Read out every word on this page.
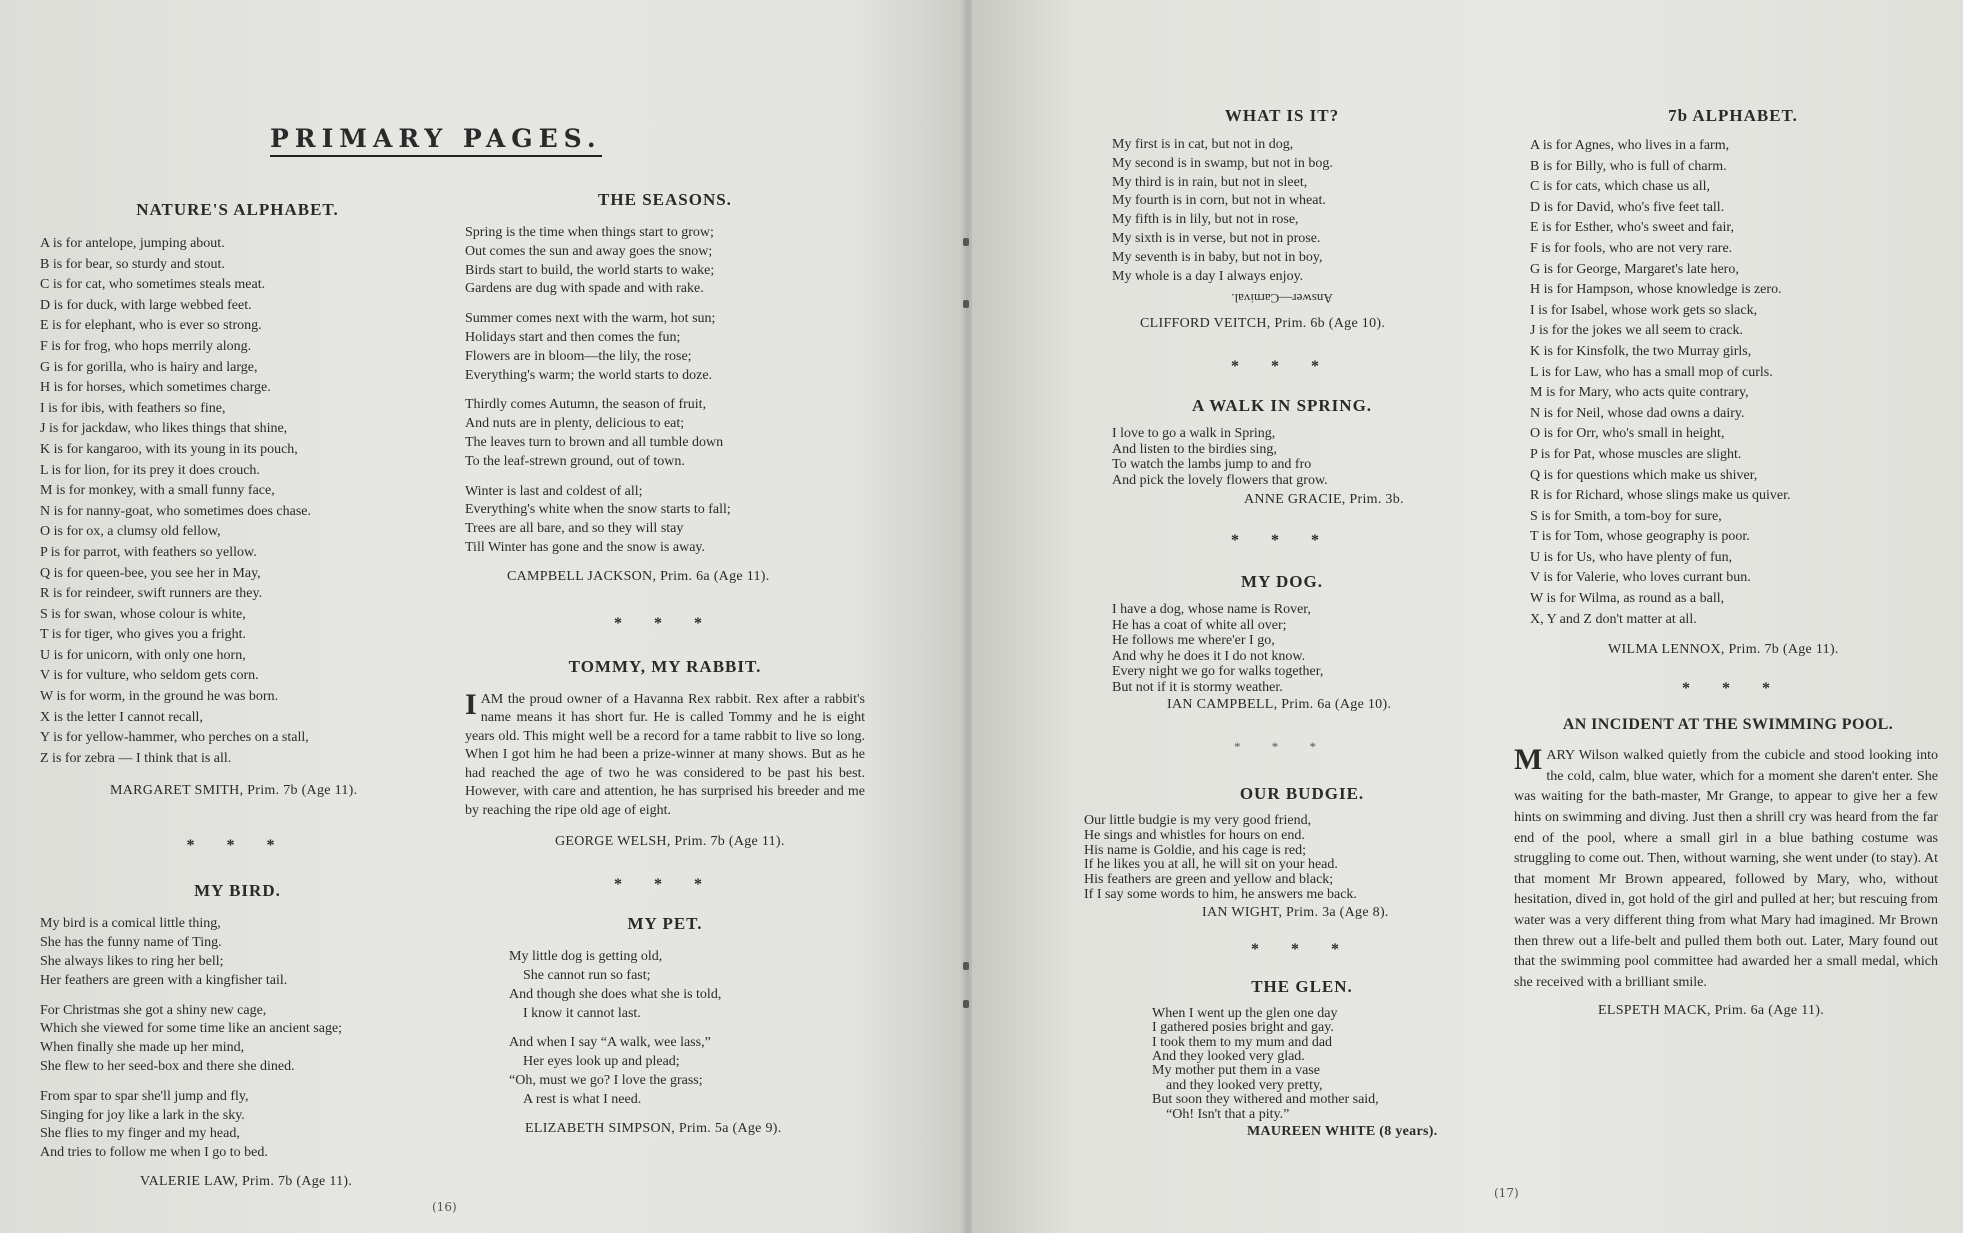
PRIMARY PAGES.
NATURE'S ALPHABET.
A is for antelope, jumping about.
B is for bear, so sturdy and stout.
C is for cat, who sometimes steals meat.
D is for duck, with large webbed feet.
E is for elephant, who is ever so strong.
F is for frog, who hops merrily along.
G is for gorilla, who is hairy and large,
H is for horses, which sometimes charge.
I is for ibis, with feathers so fine,
J is for jackdaw, who likes things that shine,
K is for kangaroo, with its young in its pouch,
L is for lion, for its prey it does crouch.
M is for monkey, with a small funny face,
N is for nanny-goat, who sometimes does chase.
O is for ox, a clumsy old fellow,
P is for parrot, with feathers so yellow.
Q is for queen-bee, you see her in May,
R is for reindeer, swift runners are they.
S is for swan, whose colour is white,
T is for tiger, who gives you a fright.
U is for unicorn, with only one horn,
V is for vulture, who seldom gets corn.
W is for worm, in the ground he was born.
X is the letter I cannot recall,
Y is for yellow-hammer, who perches on a stall,
Z is for zebra — I think that is all.
MARGARET SMITH, Prim. 7b (Age 11).
* * *
MY BIRD.
My bird is a comical little thing,
She has the funny name of Ting.
She always likes to ring her bell;
Her feathers are green with a kingfisher tail.
For Christmas she got a shiny new cage,
Which she viewed for some time like an ancient sage;
When finally she made up her mind,
She flew to her seed-box and there she dined.
From spar to spar she'll jump and fly,
Singing for joy like a lark in the sky.
She flies to my finger and my head,
And tries to follow me when I go to bed.
VALERIE LAW, Prim. 7b (Age 11).
THE SEASONS.
Spring is the time when things start to grow;
Out comes the sun and away goes the snow;
Birds start to build, the world starts to wake;
Gardens are dug with spade and with rake.
Summer comes next with the warm, hot sun;
Holidays start and then comes the fun;
Flowers are in bloom—the lily, the rose;
Everything's warm; the world starts to doze.
Thirdly comes Autumn, the season of fruit,
And nuts are in plenty, delicious to eat;
The leaves turn to brown and all tumble down
To the leaf-strewn ground, out of town.
Winter is last and coldest of all;
Everything's white when the snow starts to fall;
Trees are all bare, and so they will stay
Till Winter has gone and the snow is away.
CAMPBELL JACKSON, Prim. 6a (Age 11).
* * *
TOMMY, MY RABBIT.

IAM the proud owner of a Havanna Rex rabbit. Rex after a rabbit's name means it has short fur. He is called Tommy and he is eight years old. This might well be a record for a tame rabbit to live so long. When I got him he had been a prize-winner at many shows. But as he had reached the age of two he was considered to be past his best. However, with care and attention, he has surprised his breeder and me by reaching the ripe old age of eight.

GEORGE WELSH, Prim. 7b (Age 11).
* * *
MY PET.
My little dog is getting old,
She cannot run so fast;
And though she does what she is told,
I know it cannot last.
And when I say “A walk, wee lass,”
Her eyes look up and plead;
“Oh, must we go? I love the grass;
A rest is what I need.
ELIZABETH SIMPSON, Prim. 5a (Age 9).
(16)
WHAT IS IT?
My first is in cat, but not in dog,
My second is in swamp, but not in bog.
My third is in rain, but not in sleet,
My fourth is in corn, but not in wheat.
My fifth is in lily, but not in rose,
My sixth is in verse, but not in prose.
My seventh is in baby, but not in boy,
My whole is a day I always enjoy.
Answer—Carnival.
CLIFFORD VEITCH, Prim. 6b (Age 10).
* * *
A WALK IN SPRING.
I love to go a walk in Spring,
And listen to the birdies sing,
To watch the lambs jump to and fro
And pick the lovely flowers that grow.
ANNE GRACIE, Prim. 3b.
* * *
MY DOG.
I have a dog, whose name is Rover,
He has a coat of white all over;
He follows me where'er I go,
And why he does it I do not know.
Every night we go for walks together,
But not if it is stormy weather.
IAN CAMPBELL, Prim. 6a (Age 10).
* * *
OUR BUDGIE.
Our little budgie is my very good friend,
He sings and whistles for hours on end.
His name is Goldie, and his cage is red;
If he likes you at all, he will sit on your head.
His feathers are green and yellow and black;
If I say some words to him, he answers me back.
IAN WIGHT, Prim. 3a (Age 8).
* * *
THE GLEN.
When I went up the glen one day
I gathered posies bright and gay.
I took them to my mum and dad
And they looked very glad.
My mother put them in a vase
and they looked very pretty,
But soon they withered and mother said,
“Oh! Isn't that a pity.”
MAUREEN WHITE (8 years).
7b ALPHABET.
A is for Agnes, who lives in a farm,
B is for Billy, who is full of charm.
C is for cats, which chase us all,
D is for David, who's five feet tall.
E is for Esther, who's sweet and fair,
F is for fools, who are not very rare.
G is for George, Margaret's late hero,
H is for Hampson, whose knowledge is zero.
I is for Isabel, whose work gets so slack,
J is for the jokes we all seem to crack.
K is for Kinsfolk, the two Murray girls,
L is for Law, who has a small mop of curls.
M is for Mary, who acts quite contrary,
N is for Neil, whose dad owns a dairy.
O is for Orr, who's small in height,
P is for Pat, whose muscles are slight.
Q is for questions which make us shiver,
R is for Richard, whose slings make us quiver.
S is for Smith, a tom-boy for sure,
T is for Tom, whose geography is poor.
U is for Us, who have plenty of fun,
V is for Valerie, who loves currant bun.
W is for Wilma, as round as a ball,
X, Y and Z don't matter at all.
WILMA LENNOX, Prim. 7b (Age 11).
* * *
AN INCIDENT AT THE SWIMMING POOL.

MARY Wilson walked quietly from the cubicle and stood looking into the cold, calm, blue water, which for a moment she daren't enter. She was waiting for the bath-master, Mr Grange, to appear to give her a few hints on swimming and diving. Just then a shrill cry was heard from the far end of the pool, where a small girl in a blue bathing costume was struggling to come out. Then, without warning, she went under (to stay). At that moment Mr Brown appeared, followed by Mary, who, without hesitation, dived in, got hold of the girl and pulled at her; but rescuing from water was a very different thing from what Mary had imagined. Mr Brown then threw out a life-belt and pulled them both out. Later, Mary found out that the swimming pool committee had awarded her a small medal, which she received with a brilliant smile.

ELSPETH MACK, Prim. 6a (Age 11).
(17)
